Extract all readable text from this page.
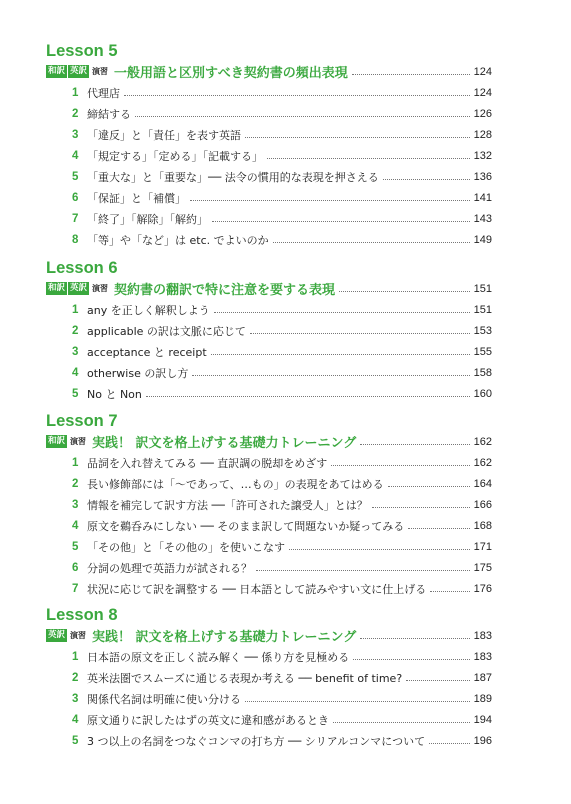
Lesson 5
和訳 英訳 演習 一般用語と区別すべき契約書の頻出表現	124
1 代理店	124
2 締結する	126
3 「違反」と「責任」を表す英語	128
4 「規定する」「定める」「記載する」	132
5 「重大な」と「重要な」── 法令の慣用的な表現を押さえる	136
6 「保証」と「補償」	141
7 「終了」「解除」「解約」	143
8 「等」や「など」は etc. でよいのか	149
Lesson 6
和訳 英訳 演習 契約書の翻訳で特に注意を要する表現	151
1 any を正しく解釈しよう	151
2 applicable の訳は文脈に応じて	153
3 acceptance と receipt	155
4 otherwise の訳し方	158
5 No と Non	160
Lesson 7
和訳 演習 実践！ 訳文を格上げする基礎力トレーニング	162
1 品詞を入れ替えてみる ── 直訳調の脱却をめざす	162
2 長い修飾部には「〜であって、…もの」の表現をあてはめる	164
3 情報を補完して訳す方法 ──「許可された譲受人」とは？	166
4 原文を鵜呑みにしない ── そのまま訳して問題ないか疑ってみる	168
5 「その他」と「その他の」を使いこなす	171
6 分詞の処理で英語力が試される？	175
7 状況に応じて訳を調整する ── 日本語として読みやすい文に仕上げる	176
Lesson 8
英訳 演習 実践！ 訳文を格上げする基礎力トレーニング	183
1 日本語の原文を正しく読み解く ── 係り方を見極める	183
2 英米法圏でスムーズに通じる表現か考える ── benefit of time?	187
3 関係代名詞は明確に使い分ける	189
4 原文通りに訳したはずの英文に違和感があるとき	194
5 3 つ以上の名詞をつなぐコンマの打ち方 ── シリアルコンマについて	196
